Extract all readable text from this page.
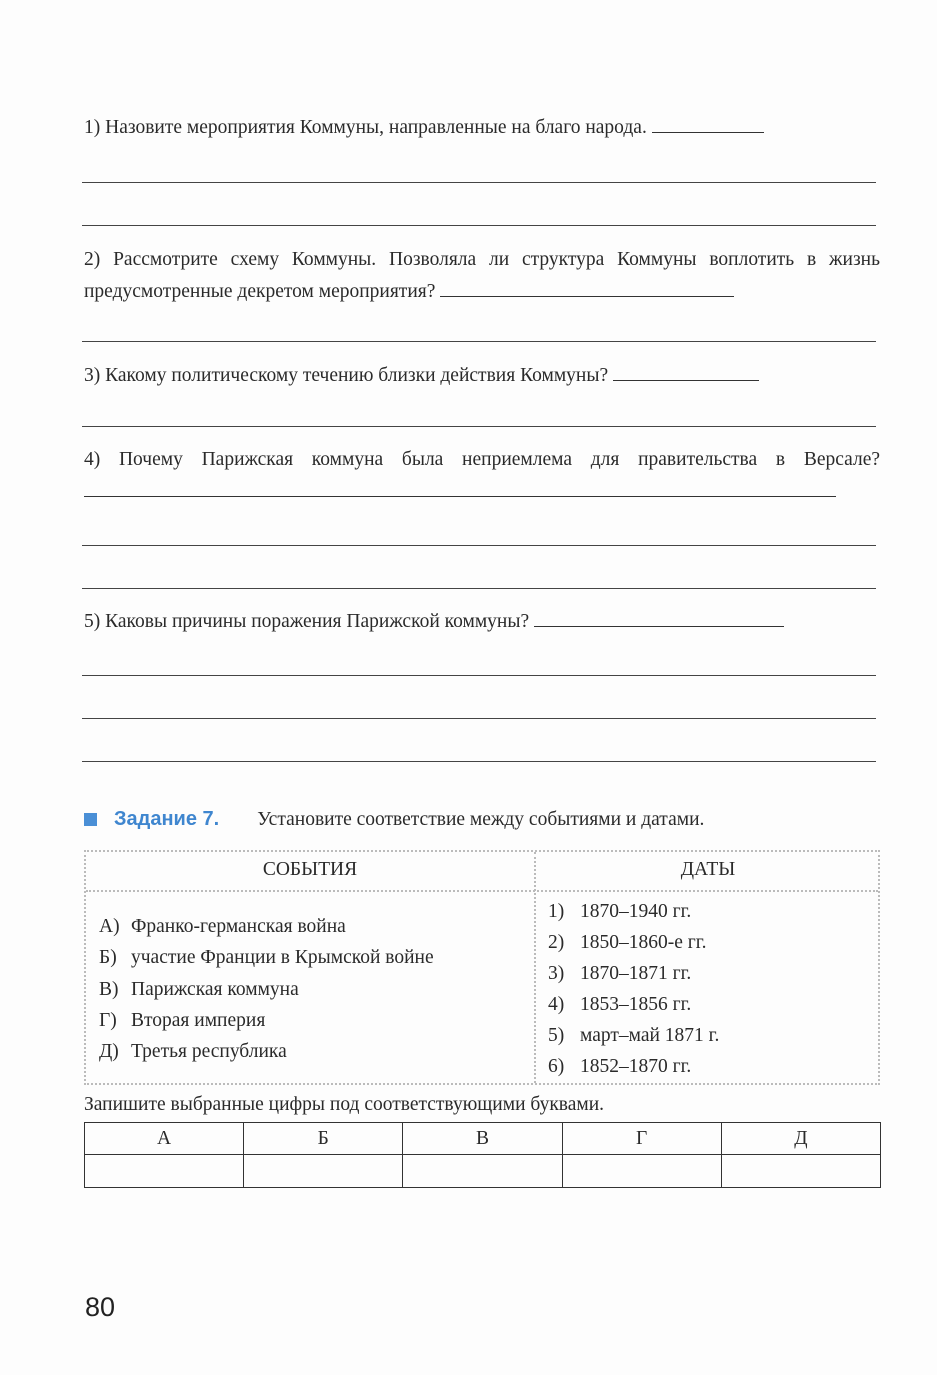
1) Назовите мероприятия Коммуны, направленные на благо народа.
2) Рассмотрите схему Коммуны. Позволяла ли структура Коммуны воплотить в жизнь предусмотренные декретом мероприятия?
3) Какому политическому течению близки действия Коммуны?
4) Почему Парижская коммуна была неприемлема для правительства в Версале?
5) Каковы причины поражения Парижской коммуны?
Задание 7. Установите соответствие между событиями и датами.
СОБЫТИЯ	ДАТЫ
А) Франко-германская война
Б) участие Франции в Крымской войне
В) Парижская коммуна
Г) Вторая империя
Д) Третья республика
1) 1870–1940 гг.
2) 1850–1860-е гг.
3) 1870–1871 гг.
4) 1853–1856 гг.
5) март–май 1871 г.
6) 1852–1870 гг.
Запишите выбранные цифры под соответствующими буквами.
А	Б	В	Г	Д

80
